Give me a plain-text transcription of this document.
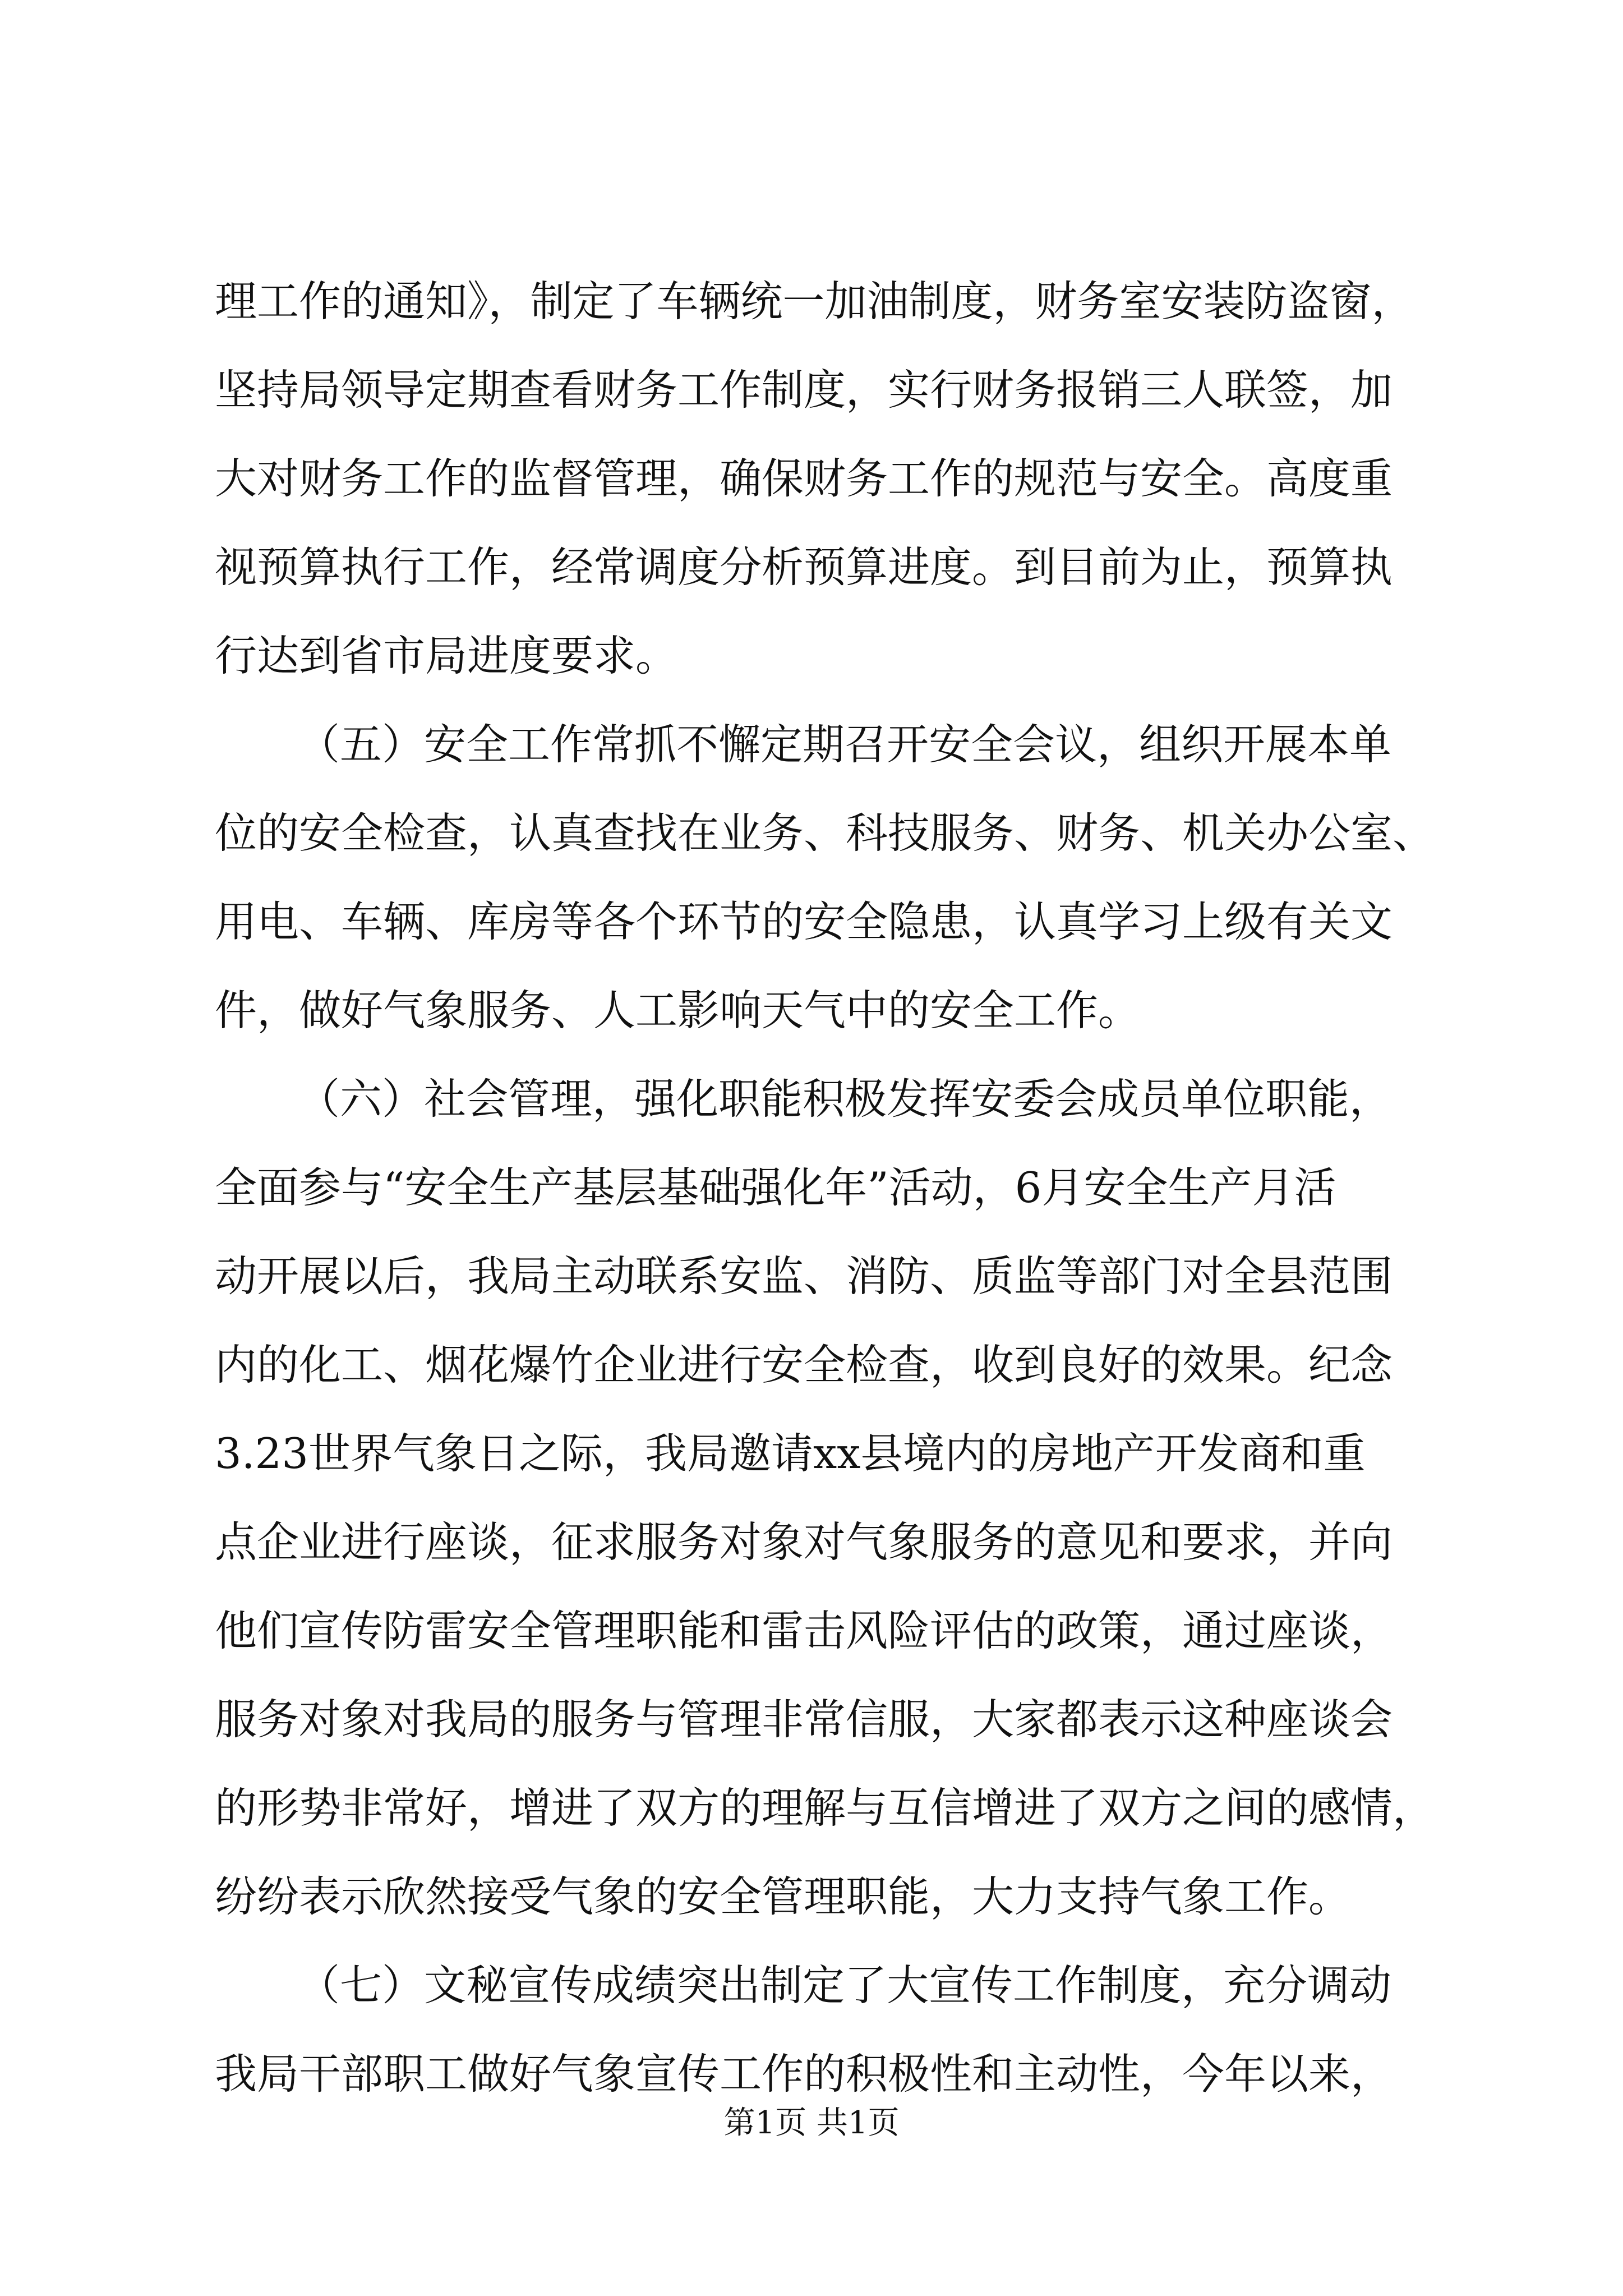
理工作的通知》，制定了车辆统一加油制度，财务室安装防盗窗，
坚持局领导定期查看财务工作制度，实行财务报销三人联签，加
大对财务工作的监督管理，确保财务工作的规范与安全。高度重
视预算执行工作，经常调度分析预算进度。到目前为止，预算执
行达到省市局进度要求。
（五）安全工作常抓不懈定期召开安全会议，组织开展本单
位的安全检查，认真查找在业务、科技服务、财务、机关办公室、
用电、车辆、库房等各个环节的安全隐患，认真学习上级有关文
件，做好气象服务、人工影响天气中的安全工作。
（六）社会管理，强化职能积极发挥安委会成员单位职能，
全面参与“安全生产基层基础强化年”活动，6月安全生产月活
动开展以后，我局主动联系安监、消防、质监等部门对全县范围
内的化工、烟花爆竹企业进行安全检查，收到良好的效果。纪念
3.23世界气象日之际，我局邀请xx县境内的房地产开发商和重
点企业进行座谈，征求服务对象对气象服务的意见和要求，并向
他们宣传防雷安全管理职能和雷击风险评估的政策，通过座谈，
服务对象对我局的服务与管理非常信服，大家都表示这种座谈会
的形势非常好，增进了双方的理解与互信增进了双方之间的感情，
纷纷表示欣然接受气象的安全管理职能，大力支持气象工作。
（七）文秘宣传成绩突出制定了大宣传工作制度，充分调动
我局干部职工做好气象宣传工作的积极性和主动性，今年以来，
第1页 共1页
